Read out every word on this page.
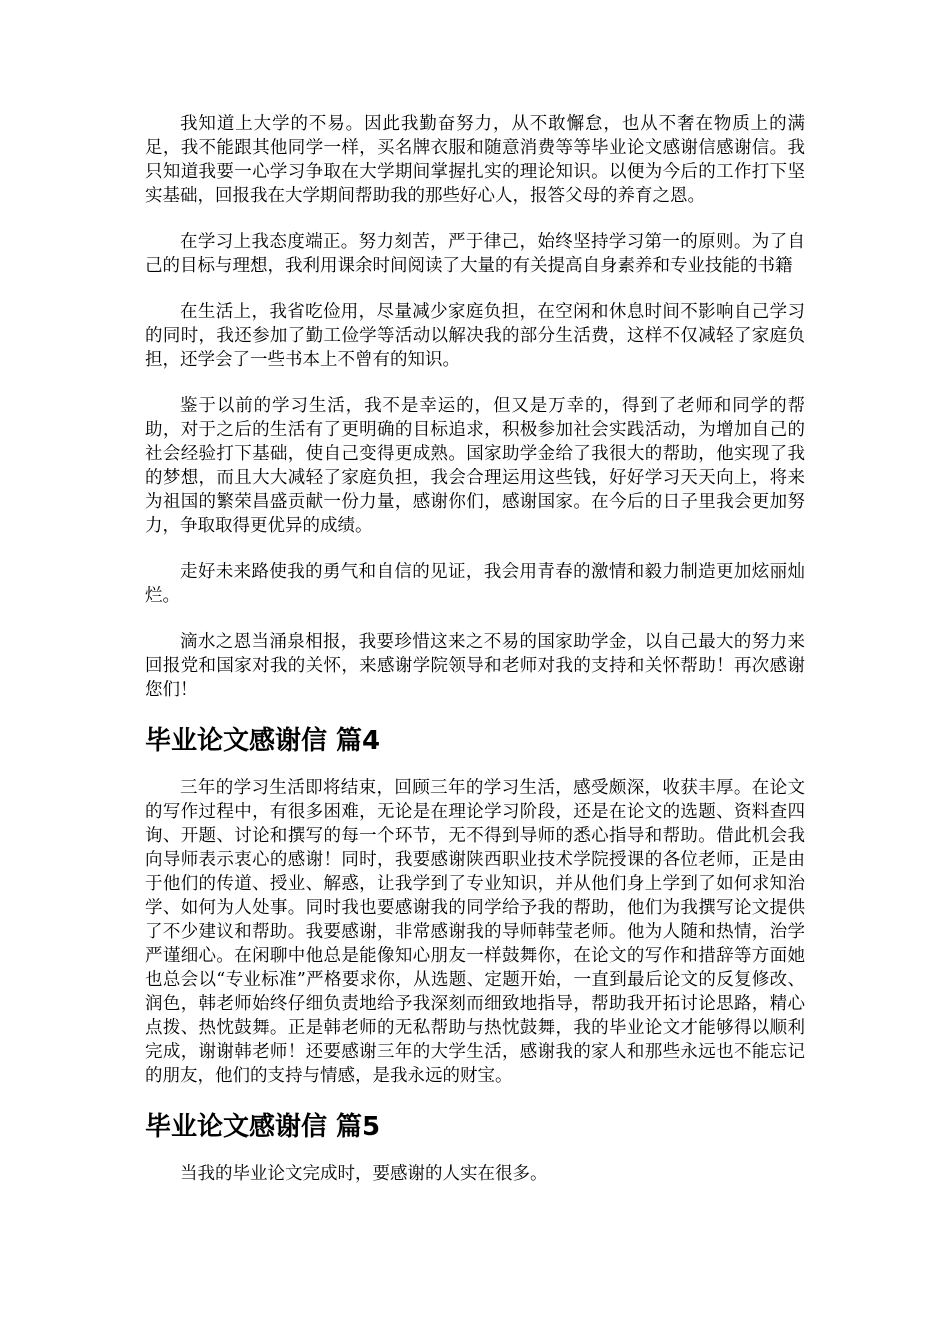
我知道上大学的不易。因此我勤奋努力，从不敢懈怠，也从不奢在物质上的满足，我不能跟其他同学一样，买名牌衣服和随意消费等等毕业论文感谢信感谢信。我只知道我要一心学习争取在大学期间掌握扎实的理论知识。以便为今后的工作打下坚实基础，回报我在大学期间帮助我的那些好心人，报答父母的养育之恩。

在学习上我态度端正。努力刻苦，严于律己，始终坚持学习第一的原则。为了自己的目标与理想，我利用课余时间阅读了大量的有关提高自身素养和专业技能的书籍

在生活上，我省吃俭用，尽量减少家庭负担，在空闲和休息时间不影响自己学习的同时，我还参加了勤工俭学等活动以解决我的部分生活费，这样不仅减轻了家庭负担，还学会了一些书本上不曾有的知识。

鉴于以前的学习生活，我不是幸运的，但又是万幸的，得到了老师和同学的帮助，对于之后的生活有了更明确的目标追求，积极参加社会实践活动，为增加自己的社会经验打下基础，使自己变得更成熟。国家助学金给了我很大的帮助，他实现了我的梦想，而且大大减轻了家庭负担，我会合理运用这些钱，好好学习天天向上，将来为祖国的繁荣昌盛贡献一份力量，感谢你们，感谢国家。在今后的日子里我会更加努力，争取取得更优异的成绩。

走好未来路使我的勇气和自信的见证，我会用青春的激情和毅力制造更加炫丽灿烂。

滴水之恩当涌泉相报，我要珍惜这来之不易的国家助学金，以自己最大的努力来回报党和国家对我的关怀，来感谢学院领导和老师对我的支持和关怀帮助！再次感谢您们！

毕业论文感谢信 篇4

三年的学习生活即将结束，回顾三年的学习生活，感受颇深，收获丰厚。在论文的写作过程中，有很多困难，无论是在理论学习阶段，还是在论文的选题、资料查四询、开题、讨论和撰写的每一个环节，无不得到导师的悉心指导和帮助。借此机会我向导师表示衷心的感谢！同时，我要感谢陕西职业技术学院授课的各位老师，正是由于他们的传道、授业、解惑，让我学到了专业知识，并从他们身上学到了如何求知治学、如何为人处事。同时我也要感谢我的同学给予我的帮助，他们为我撰写论文提供了不少建议和帮助。我要感谢，非常感谢我的导师韩莹老师。他为人随和热情，治学严谨细心。在闲聊中他总是能像知心朋友一样鼓舞你，在论文的写作和措辞等方面她也总会以“专业标准”严格要求你，从选题、定题开始，一直到最后论文的反复修改、润色，韩老师始终仔细负责地给予我深刻而细致地指导，帮助我开拓讨论思路，精心点拨、热忱鼓舞。正是韩老师的无私帮助与热忱鼓舞，我的毕业论文才能够得以顺利完成，谢谢韩老师！还要感谢三年的大学生活，感谢我的家人和那些永远也不能忘记的朋友，他们的支持与情感，是我永远的财宝。

毕业论文感谢信 篇5

当我的毕业论文完成时，要感谢的人实在很多。
